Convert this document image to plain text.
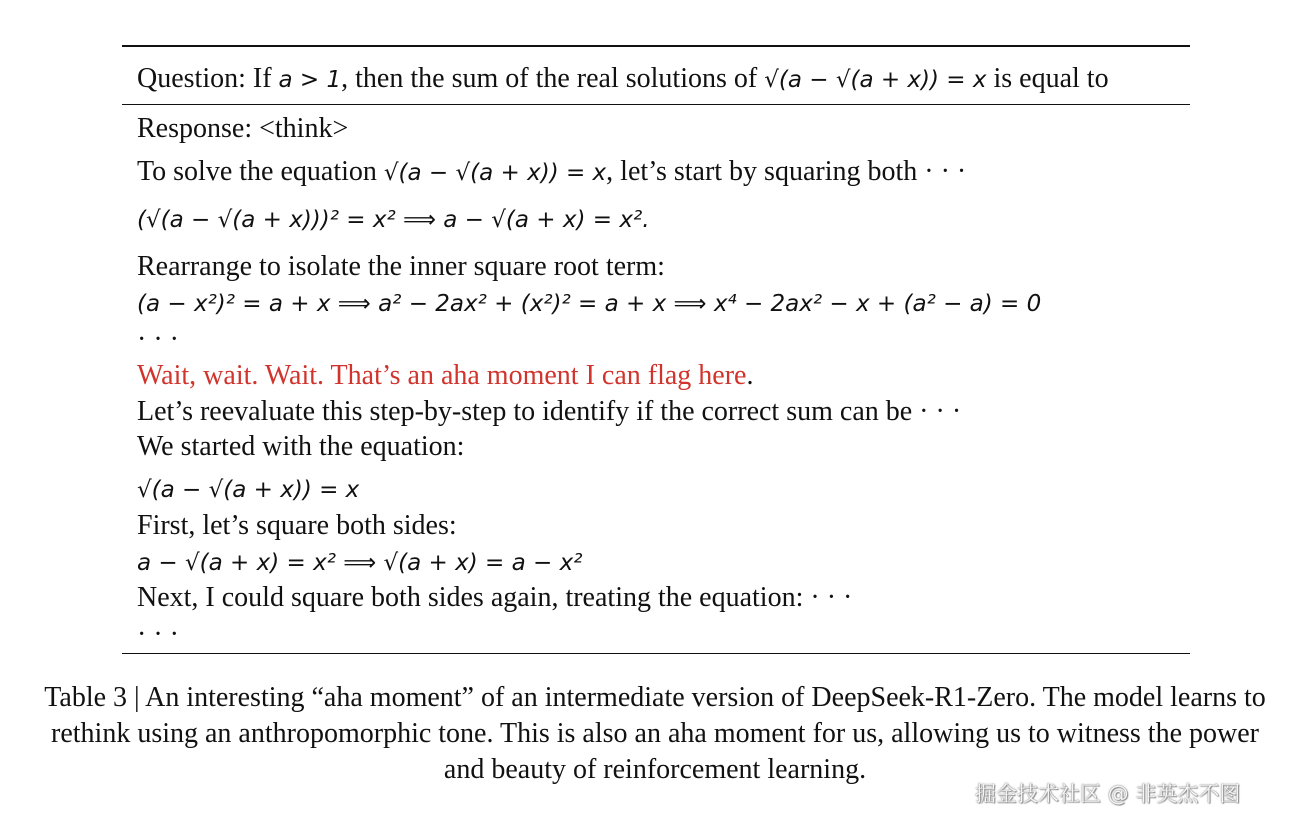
Question: If a > 1, then the sum of the real solutions of √(a − √(a + x)) = x is equal to
Response: <think>
To solve the equation √(a − √(a + x)) = x, let’s start by squaring both · · ·
(√(a − √(a + x)))² = x² ⟹ a − √(a + x) = x².
Rearrange to isolate the inner square root term:
(a − x²)² = a + x ⟹ a² − 2ax² + (x²)² = a + x ⟹ x⁴ − 2ax² − x + (a² − a) = 0
· · ·
Wait, wait. Wait. That’s an aha moment I can flag here.
Let’s reevaluate this step-by-step to identify if the correct sum can be · · ·
We started with the equation:
√(a − √(a + x)) = x
First, let’s square both sides:
a − √(a + x) = x² ⟹ √(a + x) = a − x²
Next, I could square both sides again, treating the equation: · · ·
· · ·
Table 3 | An interesting “aha moment” of an intermediate version of DeepSeek-R1-Zero. The model learns to rethink using an anthropomorphic tone. This is also an aha moment for us, allowing us to witness the power and beauty of reinforcement learning.
掘金技术社区 @ 非英杰不图
